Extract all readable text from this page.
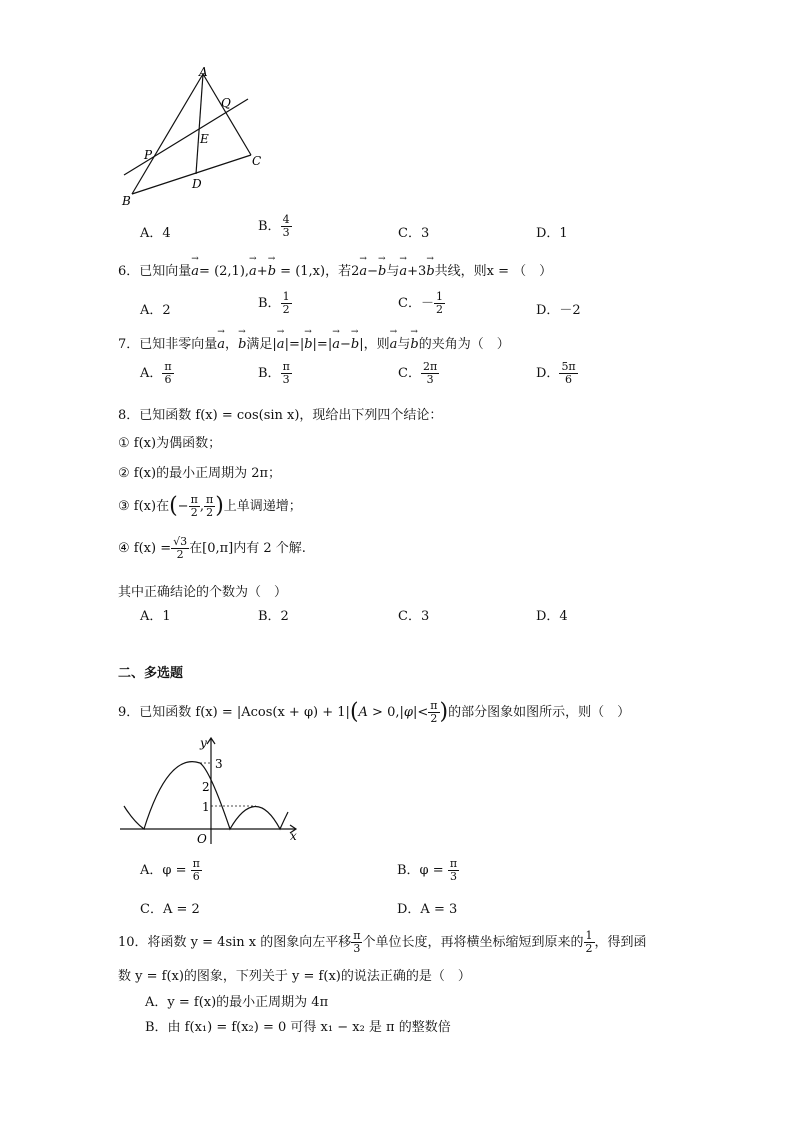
A
Q
E
P	C
D
B
A．4	B． $\frac{4}{3}$	C．3	D．1
6．已知向量→ a= (2,1),→ a+→ b = (1,x)，若2→ a−→ b与→ a+3→ b共线，则x = （　）
A．2	B． $\frac{1}{2}$	C．－ $\frac{1}{2}$	D．－2
7．已知非零向量→ a，→ b满足|→ a|=|→ b|=|→ a−→ b|，则→ a与→ b的夹角为（　）
A． $\frac{\pi}{6}$	B． $\frac{\pi}{3}$	C． $\frac{2\pi}{3}$	D． $\frac{5\pi}{6}$
8．已知函数 f(x) = cos(sin x)，现给出下列四个结论：
① f(x)为偶函数；
② f(x)的最小正周期为 2π；
③ f(x)在(− $\frac{\pi}{2}$ , $\frac{\pi}{2}$ )上单调递增；
④ $f(x) = \frac{√3}{2}$ 在[0,π]内有 2 个解.
其中正确结论的个数为（　）
A．1	B．2	C．3	D．4
二、多选题
9．已知函数 $f(x) = |Acos(x + \varphi) + 1|(A > 0,|\varphi|< \frac{\pi}{2}$ )的部分图象如图所示，则（　）
y
3
2
1
O	x
A．$\varphi = \frac{\pi}{6}$	B．$\varphi = \frac{\pi}{3}$
C．A = 2	D．A = 3
10．将函数 y = 4sin x 的图象向左平移 $\frac{\pi}{3}$ 个单位长度，再将横坐标缩短到原来的 $\frac{1}{2}$ ，得到函
数 y = f(x)的图象，下列关于 y = f(x)的说法正确的是（　）
A．y = f(x)的最小正周期为 4π
B．由 f(x₁) = f(x₂) = 0 可得 x₁ − x₂ 是 π 的整数倍
